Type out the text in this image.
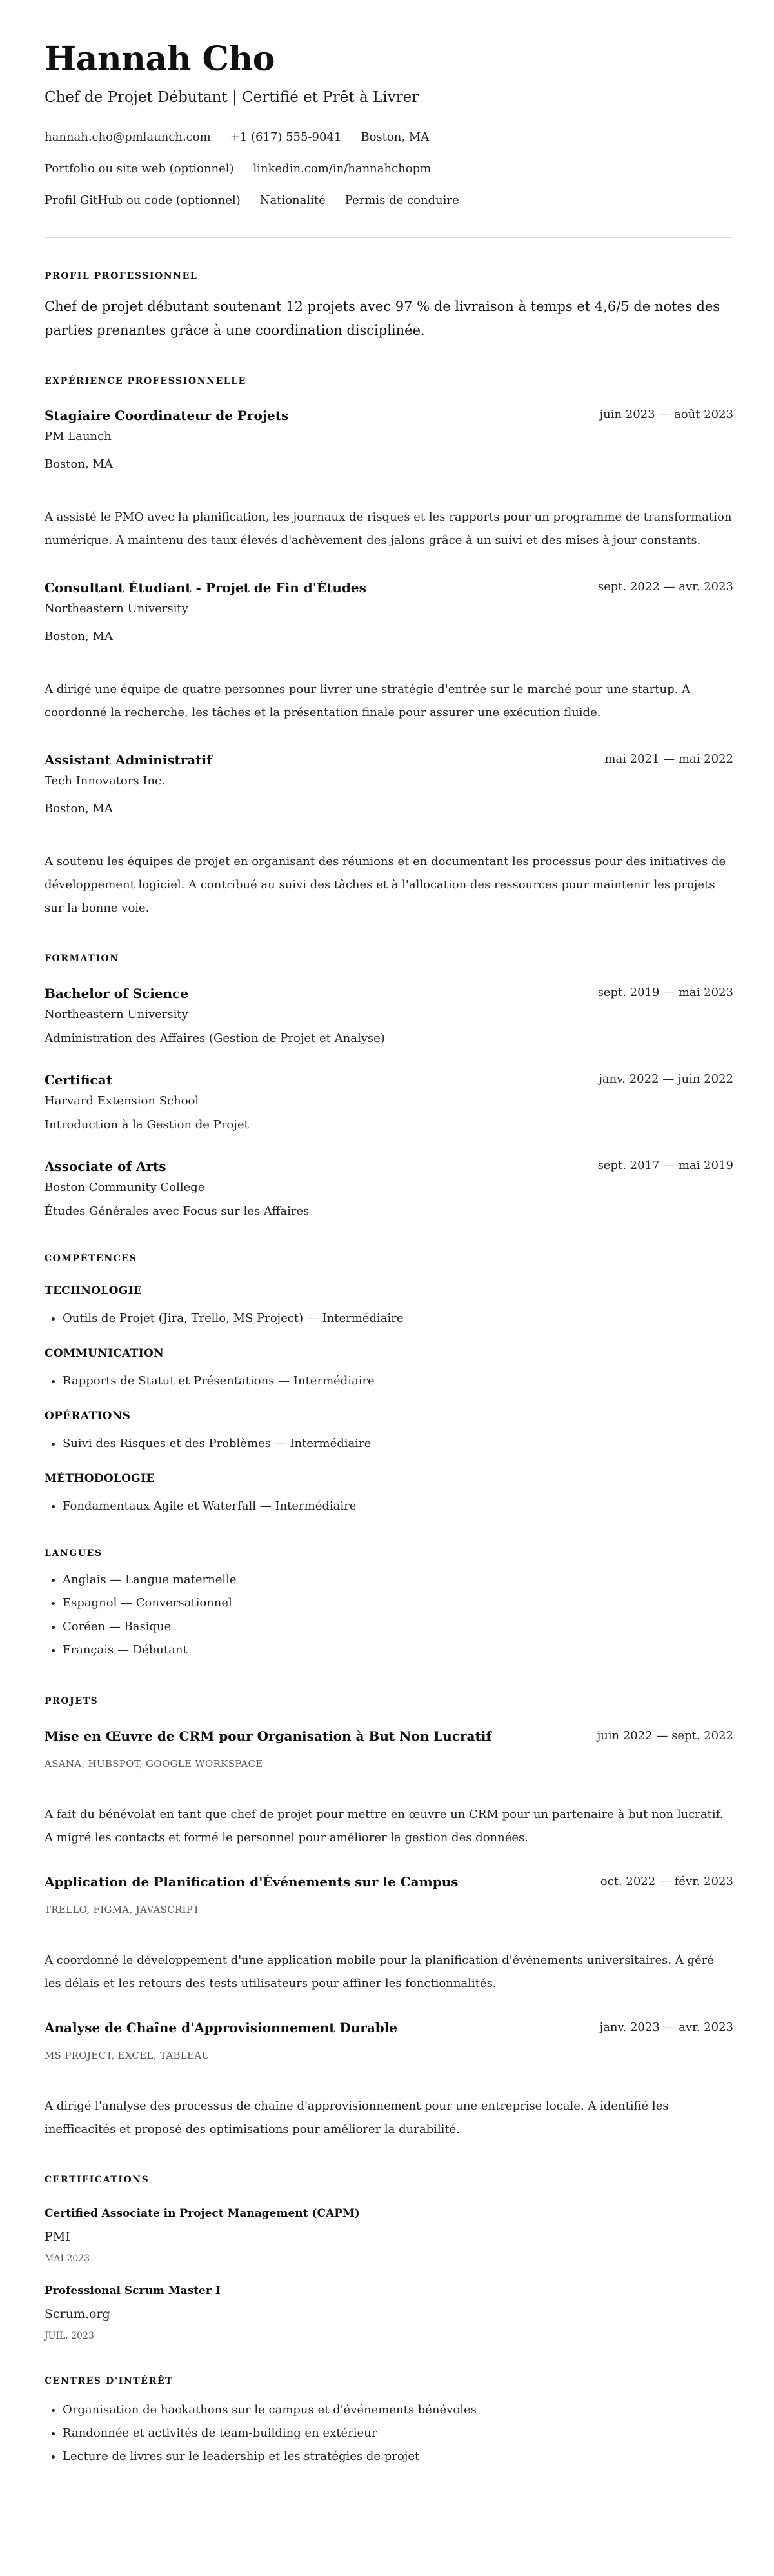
Hannah Cho
Chef de Projet Débutant | Certifié et Prêt à Livrer
hannah.cho@pmlaunch.com +1 (617) 555-9041 Boston, MA
Portfolio ou site web (optionnel) linkedin.com/in/hannahchopm
Profil GitHub ou code (optionnel) Nationalité Permis de conduire
PROFIL PROFESSIONNEL
Chef de projet débutant soutenant 12 projets avec 97 % de livraison à temps et 4,6/5 de notes des parties prenantes grâce à une coordination disciplinée.
EXPÉRIENCE PROFESSIONNELLE
Stagiaire Coordinateur de Projets	juin 2023 — août 2023
PM Launch
Boston, MA
A assisté le PMO avec la planification, les journaux de risques et les rapports pour un programme de transformation numérique. A maintenu des taux élevés d'achèvement des jalons grâce à un suivi et des mises à jour constants.
Consultant Étudiant - Projet de Fin d'Études	sept. 2022 — avr. 2023
Northeastern University
Boston, MA
A dirigé une équipe de quatre personnes pour livrer une stratégie d'entrée sur le marché pour une startup. A coordonné la recherche, les tâches et la présentation finale pour assurer une exécution fluide.
Assistant Administratif	mai 2021 — mai 2022
Tech Innovators Inc.
Boston, MA
A soutenu les équipes de projet en organisant des réunions et en documentant les processus pour des initiatives de développement logiciel. A contribué au suivi des tâches et à l'allocation des ressources pour maintenir les projets sur la bonne voie.
FORMATION
Bachelor of Science	sept. 2019 — mai 2023
Northeastern University
Administration des Affaires (Gestion de Projet et Analyse)
Certificat	janv. 2022 — juin 2022
Harvard Extension School
Introduction à la Gestion de Projet
Associate of Arts	sept. 2017 — mai 2019
Boston Community College
Études Générales avec Focus sur les Affaires
COMPÉTENCES
TECHNOLOGIE
• Outils de Projet (Jira, Trello, MS Project) — Intermédiaire
COMMUNICATION
• Rapports de Statut et Présentations — Intermédiaire
OPÉRATIONS
• Suivi des Risques et des Problèmes — Intermédiaire
MÉTHODOLOGIE
• Fondamentaux Agile et Waterfall — Intermédiaire
LANGUES
• Anglais — Langue maternelle
• Espagnol — Conversationnel
• Coréen — Basique
• Français — Débutant
PROJETS
Mise en Œuvre de CRM pour Organisation à But Non Lucratif	juin 2022 — sept. 2022
ASANA, HUBSPOT, GOOGLE WORKSPACE
A fait du bénévolat en tant que chef de projet pour mettre en œuvre un CRM pour un partenaire à but non lucratif. A migré les contacts et formé le personnel pour améliorer la gestion des données.
Application de Planification d'Événements sur le Campus	oct. 2022 — févr. 2023
TRELLO, FIGMA, JAVASCRIPT
A coordonné le développement d'une application mobile pour la planification d'événements universitaires. A géré les délais et les retours des tests utilisateurs pour affiner les fonctionnalités.
Analyse de Chaîne d'Approvisionnement Durable	janv. 2023 — avr. 2023
MS PROJECT, EXCEL, TABLEAU
A dirigé l'analyse des processus de chaîne d'approvisionnement pour une entreprise locale. A identifié les inefficacités et proposé des optimisations pour améliorer la durabilité.
CERTIFICATIONS
Certified Associate in Project Management (CAPM)
PMI
MAI 2023
Professional Scrum Master I
Scrum.org
JUIL. 2023
CENTRES D'INTÉRÊT
• Organisation de hackathons sur le campus et d'événements bénévoles
• Randonnée et activités de team-building en extérieur
• Lecture de livres sur le leadership et les stratégies de projet
